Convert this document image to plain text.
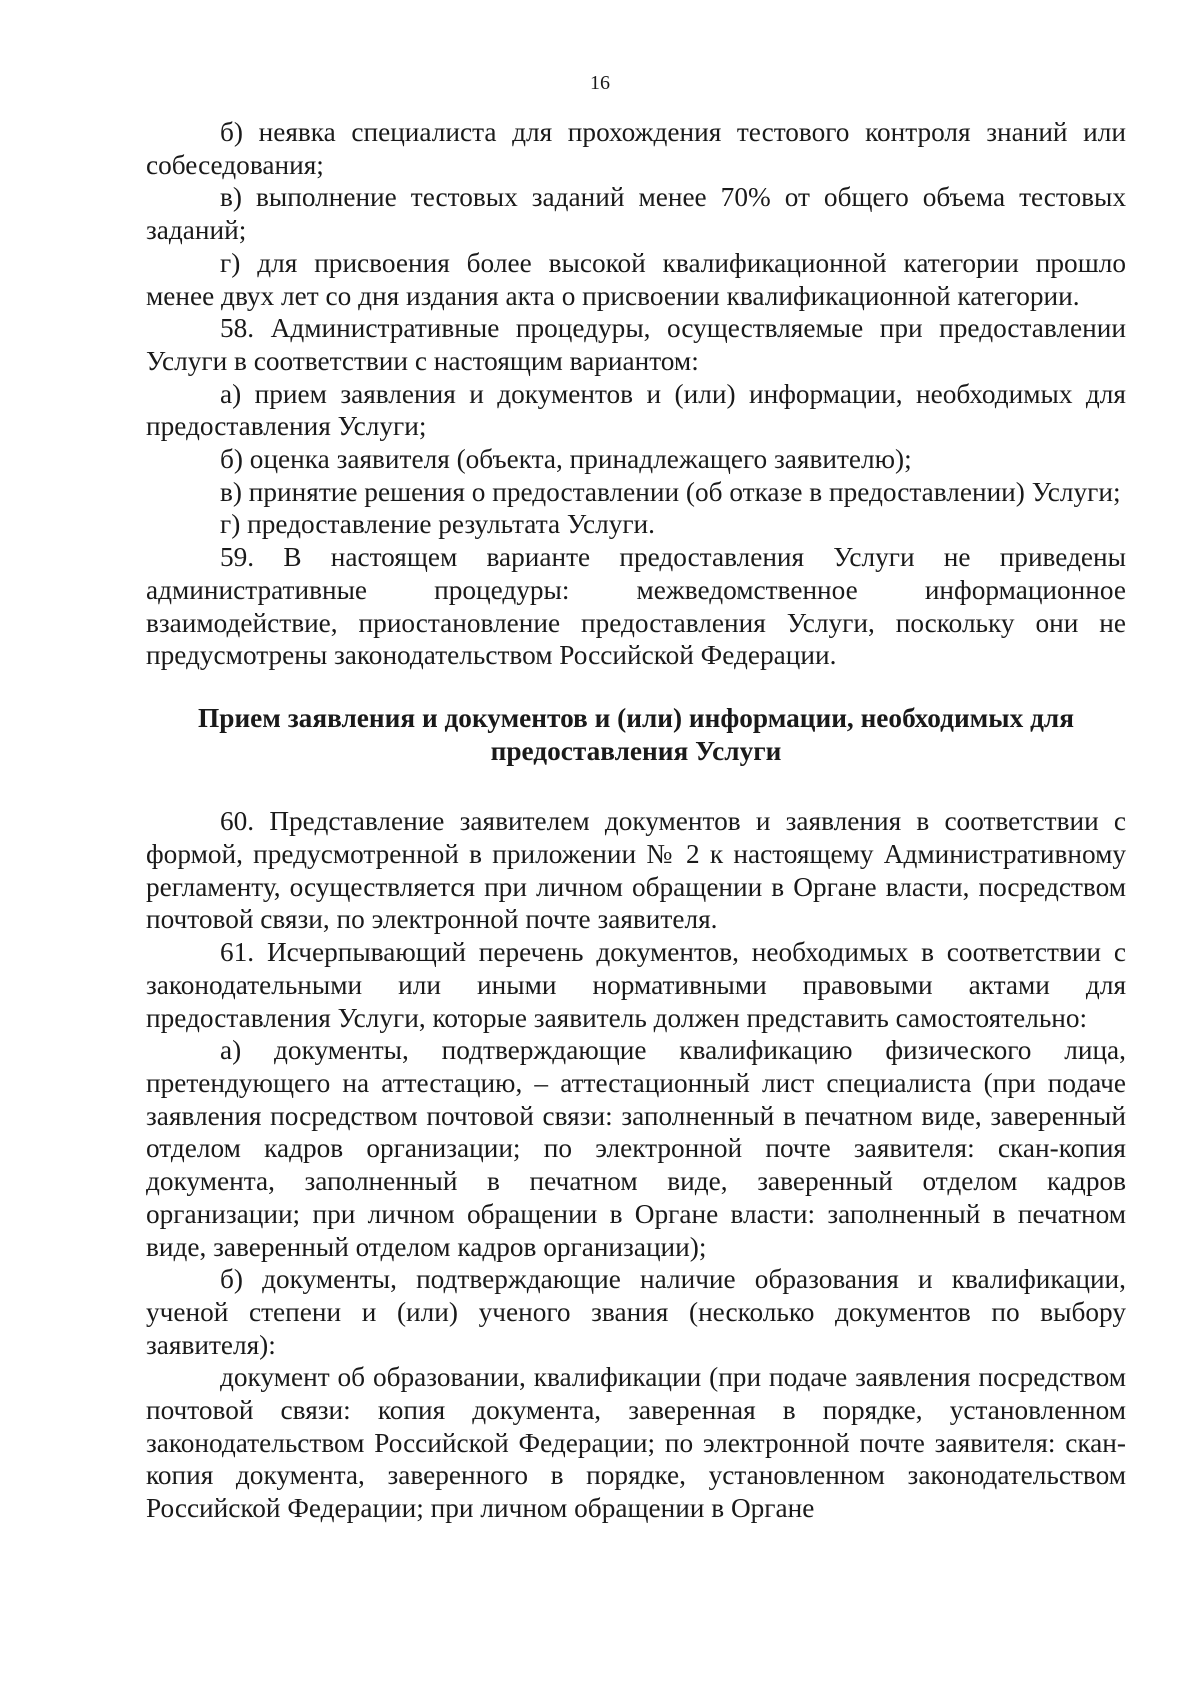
16

б) неявка специалиста для прохождения тестового контроля знаний или собеседования;

в) выполнение тестовых заданий менее 70% от общего объема тестовых заданий;

г) для присвоения более высокой квалификационной категории прошло менее двух лет со дня издания акта о присвоении квалификационной категории.

58. Административные процедуры, осуществляемые при предоставлении Услуги в соответствии с настоящим вариантом:

а) прием заявления и документов и (или) информации, необходимых для предоставления Услуги;

б) оценка заявителя (объекта, принадлежащего заявителю);

в) принятие решения о предоставлении (об отказе в предоставлении) Услуги;

г) предоставление результата Услуги.

59. В настоящем варианте предоставления Услуги не приведены административные процедуры: межведомственное информационное взаимодействие, приостановление предоставления Услуги, поскольку они не предусмотрены законодательством Российской Федерации.

Прием заявления и документов и (или) информации, необходимых для предоставления Услуги

60. Представление заявителем документов и заявления в соответствии с формой, предусмотренной в приложении № 2 к настоящему Административному регламенту, осуществляется при личном обращении в Органе власти, посредством почтовой связи, по электронной почте заявителя.

61. Исчерпывающий перечень документов, необходимых в соответствии с законодательными или иными нормативными правовыми актами для предоставления Услуги, которые заявитель должен представить самостоятельно:

а) документы, подтверждающие квалификацию физического лица, претендующего на аттестацию, – аттестационный лист специалиста (при подаче заявления посредством почтовой связи: заполненный в печатном виде, заверенный отделом кадров организации; по электронной почте заявителя: скан-копия документа, заполненный в печатном виде, заверенный отделом кадров организации; при личном обращении в Органе власти: заполненный в печатном виде, заверенный отделом кадров организации);

б) документы, подтверждающие наличие образования и квалификации, ученой степени и (или) ученого звания (несколько документов по выбору заявителя):

документ об образовании, квалификации (при подаче заявления посредством почтовой связи: копия документа, заверенная в порядке, установленном законодательством Российской Федерации; по электронной почте заявителя: скан-копия документа, заверенного в порядке, установленном законодательством Российской Федерации; при личном обращении в Органе
